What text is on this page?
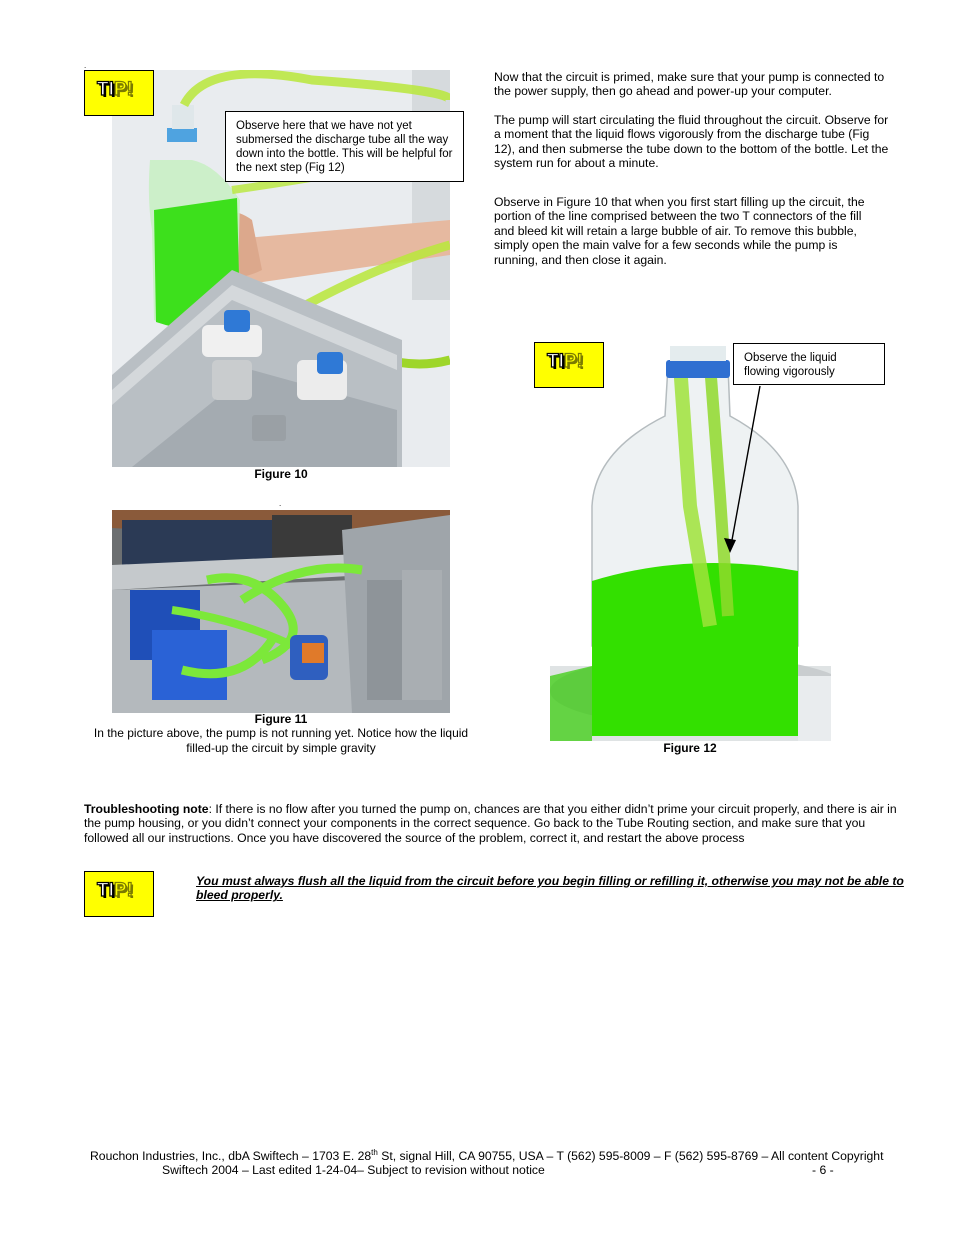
.
TIP!
Observe here that we have not yet submersed the discharge tube all the way down into the bottle. This will be helpful for the next step (Fig 12)
Figure 10
.
Figure 11
In the picture above, the pump is not running yet. Notice how the liquid filled-up the circuit by simple gravity
Now that the circuit is primed, make sure that your pump is connected to the power supply, then go ahead and power-up your computer.
The pump will start circulating the fluid throughout the circuit. Observe for a moment that the liquid flows vigorously from the discharge tube (Fig 12), and then submerse the tube down to the bottom of the bottle. Let the system run for about a minute.
Observe in Figure 10 that when you first start filling up the circuit, the portion of the line comprised between the two T connectors of the fill and bleed kit will retain a large bubble of air. To remove this bubble, simply open the main valve for a few seconds while the pump is running, and then close it again.
TIP!	Observe the liquid flowing vigorously
Figure 12
Troubleshooting note: If there is no flow after you turned the pump on, chances are that you either didn’t prime your circuit properly, and there is air in the pump housing, or you didn’t connect your components in the correct sequence. Go back to the Tube Routing section, and make sure that you followed all our instructions. Once you have discovered the source of the problem, correct it, and restart the above process
TIP!	You must always flush all the liquid from the circuit before you begin filling or refilling it, otherwise you may not be able to bleed properly.
Rouchon Industries, Inc., dbA Swiftech – 1703 E. 28th St, signal Hill, CA 90755, USA – T (562) 595-8009 – F (562) 595-8769 – All content Copyright
Swiftech 2004 – Last edited 1-24-04– Subject to revision without notice	- 6 -
